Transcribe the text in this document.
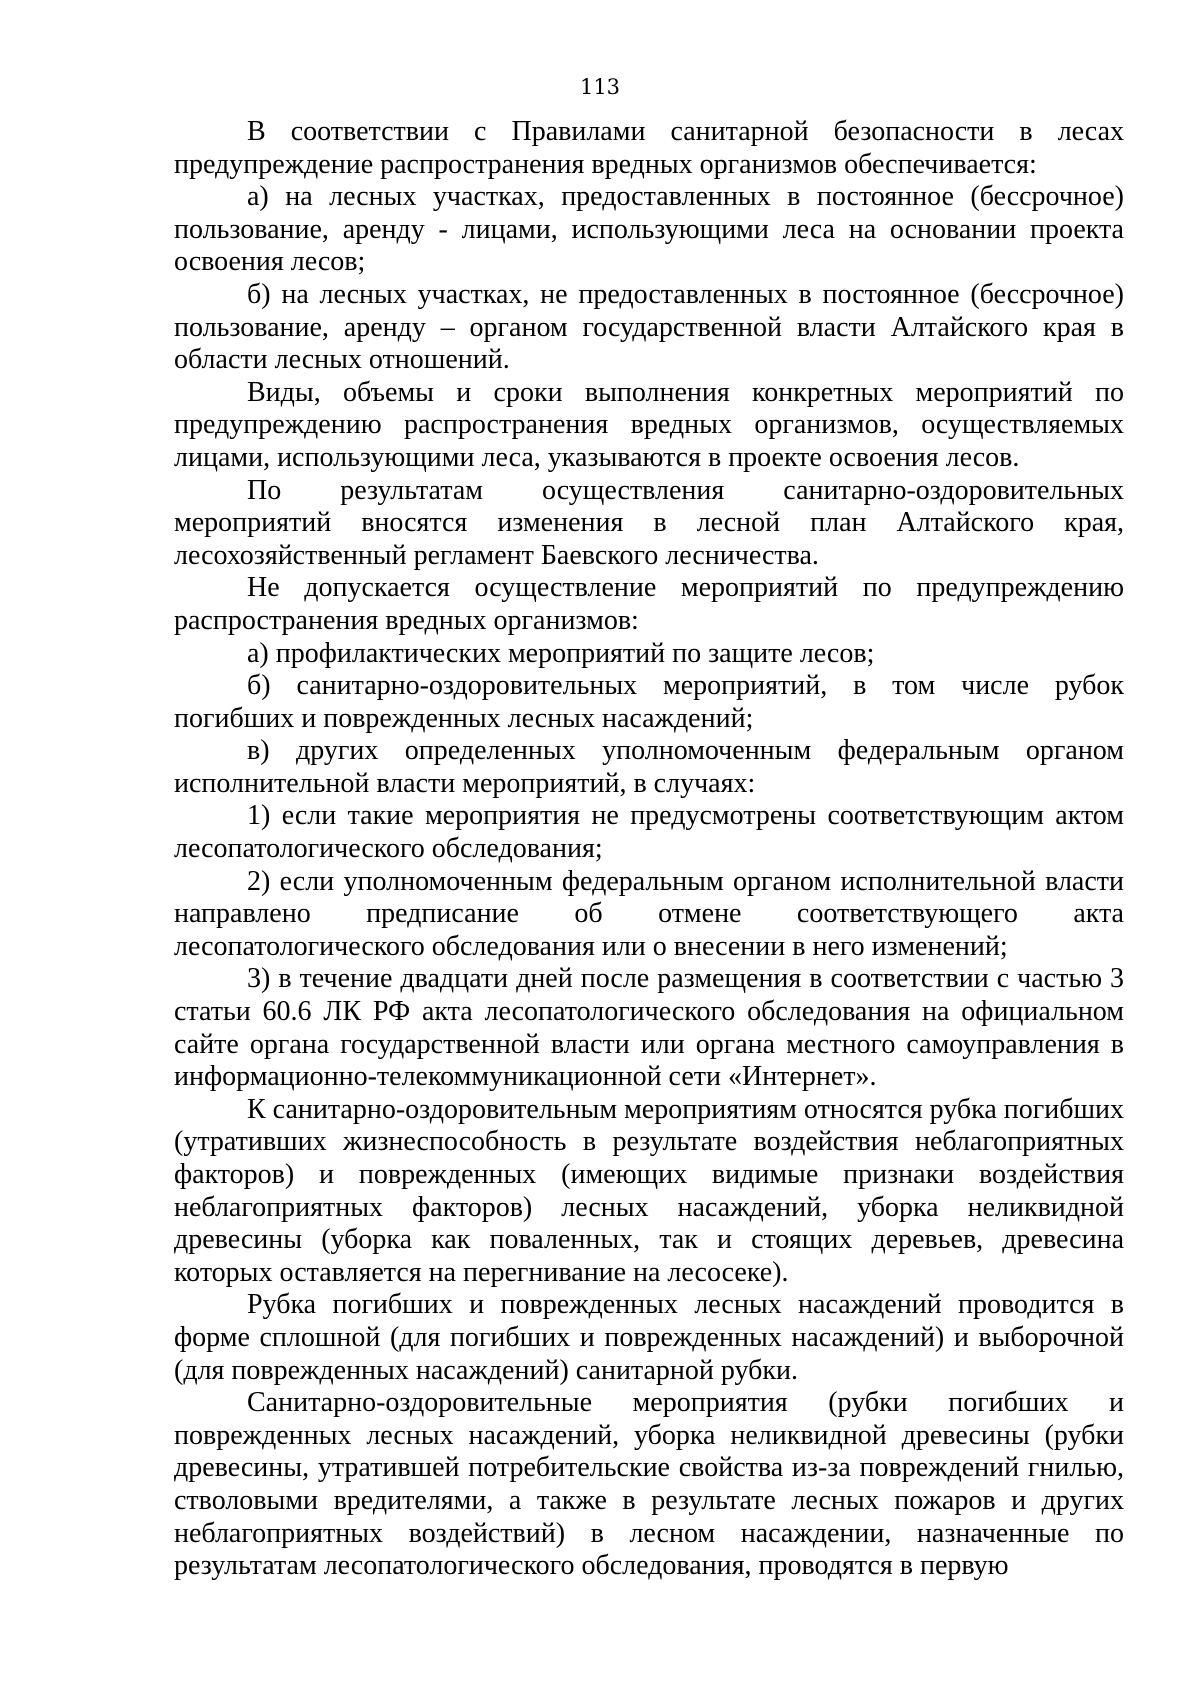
113

В соответствии с Правилами санитарной безопасности в лесах предупреждение распространения вредных организмов обеспечивается:

а) на лесных участках, предоставленных в постоянное (бессрочное) пользование, аренду - лицами, использующими леса на основании проекта освоения лесов;

б) на лесных участках, не предоставленных в постоянное (бессрочное) пользование, аренду – органом государственной власти Алтайского края в области лесных отношений.

Виды, объемы и сроки выполнения конкретных мероприятий по предупреждению распространения вредных организмов, осуществляемых лицами, использующими леса, указываются в проекте освоения лесов.

По результатам осуществления санитарно-оздоровительных мероприятий вносятся изменения в лесной план Алтайского края, лесохозяйственный регламент Баевского лесничества.

Не допускается осуществление мероприятий по предупреждению распространения вредных организмов:

а) профилактических мероприятий по защите лесов;

б) санитарно-оздоровительных мероприятий, в том числе рубок погибших и поврежденных лесных насаждений;

в) других определенных уполномоченным федеральным органом исполнительной власти мероприятий, в случаях:

1) если такие мероприятия не предусмотрены соответствующим актом лесопатологического обследования;

2) если уполномоченным федеральным органом исполнительной власти направлено предписание об отмене соответствующего акта лесопатологического обследования или о внесении в него изменений;

3) в течение двадцати дней после размещения в соответствии с частью 3 статьи 60.6 ЛК РФ акта лесопатологического обследования на официальном сайте органа государственной власти или органа местного самоуправления в информационно-телекоммуникационной сети «Интернет».

К санитарно-оздоровительным мероприятиям относятся рубка погибших (утративших жизнеспособность в результате воздействия неблагоприятных факторов) и поврежденных (имеющих видимые признаки воздействия неблагоприятных факторов) лесных насаждений, уборка неликвидной древесины (уборка как поваленных, так и стоящих деревьев, древесина которых оставляется на перегнивание на лесосеке).

Рубка погибших и поврежденных лесных насаждений проводится в форме сплошной (для погибших и поврежденных насаждений) и выборочной (для поврежденных насаждений) санитарной рубки.

Санитарно-оздоровительные мероприятия (рубки погибших и поврежденных лесных насаждений, уборка неликвидной древесины (рубки древесины, утратившей потребительские свойства из-за повреждений гнилью, стволовыми вредителями, а также в результате лесных пожаров и других неблагоприятных воздействий) в лесном насаждении, назначенные по результатам лесопатологического обследования, проводятся в первую
